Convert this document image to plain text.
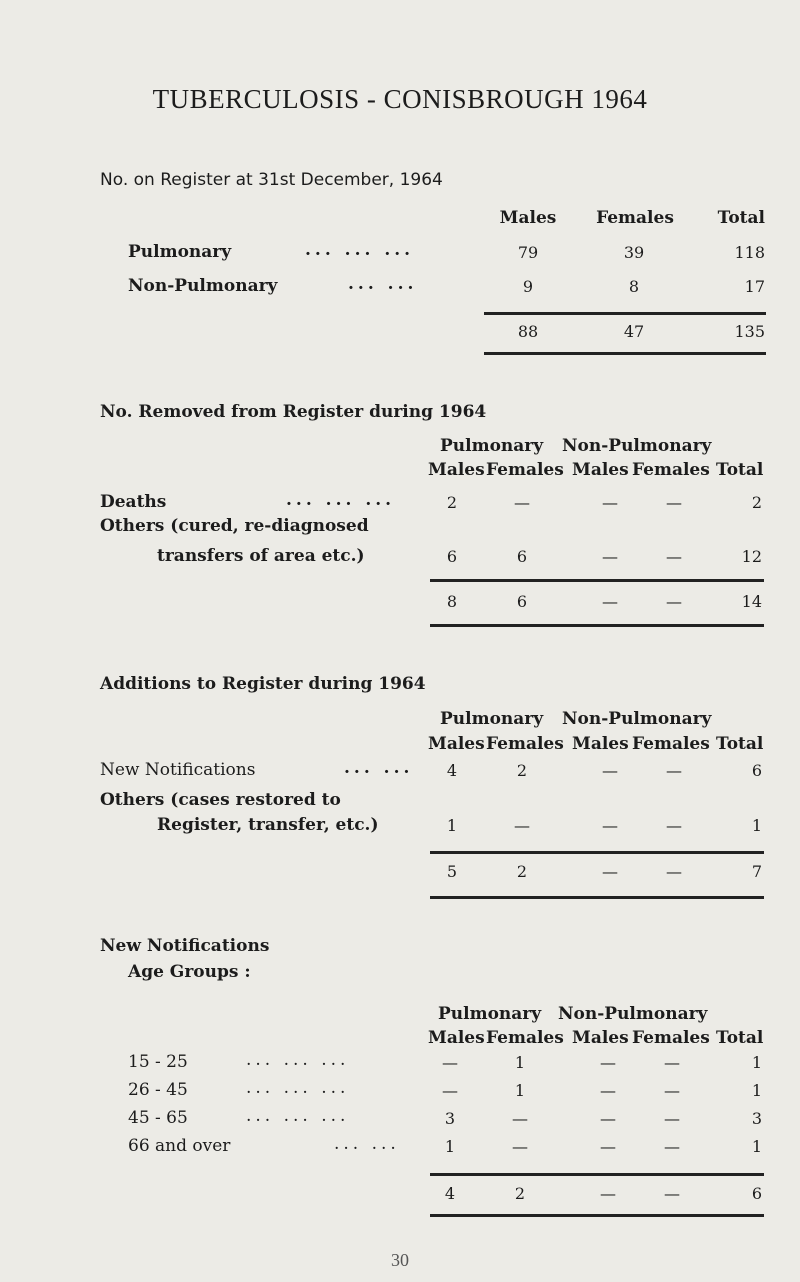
TUBERCULOSIS - CONISBROUGH 1964
No. on Register at 31st December, 1964
Males	Females	Total
Pulmonary	... ... ...	79	39	118
Non-Pulmonary	... ...	9	8	17
88	47	135
No. Removed from Register during 1964
Pulmonary Non-Pulmonary
Males Females Males Females Total
Deaths	... ... ...	2	—	—	—	2
Others (cured, re-diagnosed
transfers of area etc.)	6	6	—	—	12
8	6	—	—	14
Additions to Register during 1964
Pulmonary Non-Pulmonary
Males Females Males Females Total
New Notifications	... ...	4	2	—	—	6
Others (cases restored to
Register, transfer, etc.)	1	—	—	—	1
5	2	—	—	7
New Notifications
Age Groups :
Pulmonary Non-Pulmonary
Males Females Males Females Total
15 - 25	... ... ...	—	1	—	—	1
26 - 45	... ... ...	—	1	—	—	1
45 - 65	... ... ...	3	—	—	—	3
66 and over	... ...	1	—	—	—	1
4	2	—	—	6
30
